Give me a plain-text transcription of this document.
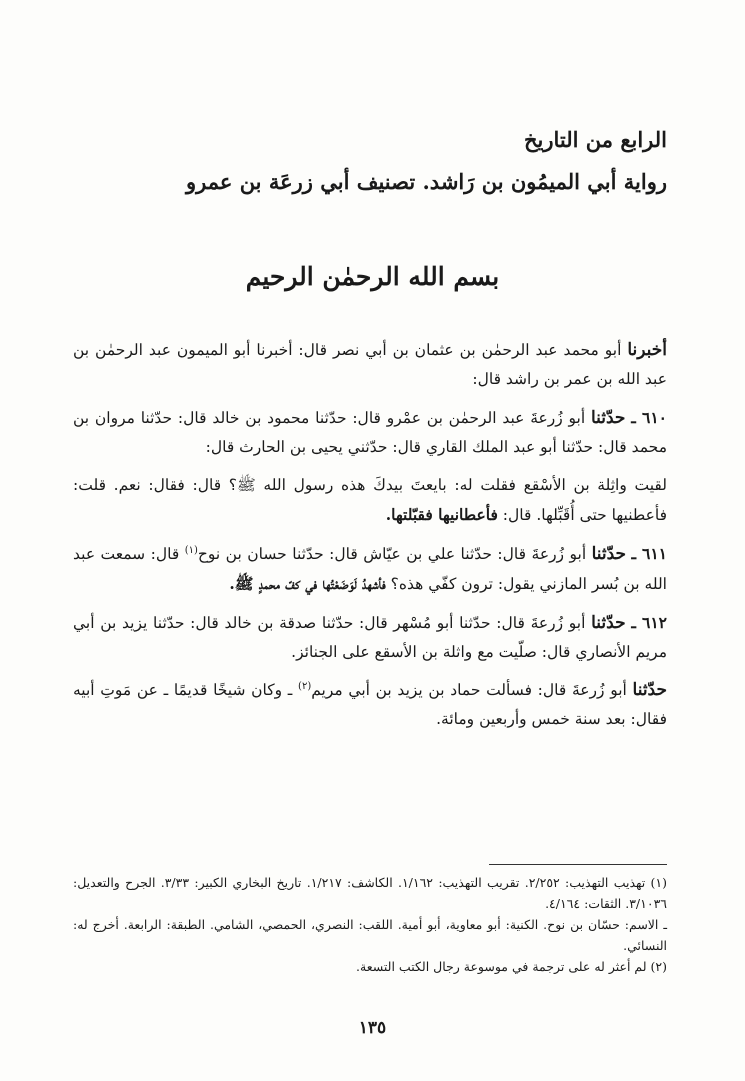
الرابع من التاريخ
رواية أبي الميمُون بن رَاشد. تصنيف أبي زرعَة بن عمرو
بسم الله الرحمٰن الرحيم

أخبرنا أبو محمد عبد الرحمٰن بن عثمان بن أبي نصر قال: أخبرنا أبو الميمون عبد الرحمٰن بن عبد الله بن عمر بن راشد قال:

٦١٠ ـ حدّثنا أبو زُرعةَ عبد الرحمٰن بن عمْرو قال: حدّثنا محمود بن خالد قال: حدّثنا مروان بن محمد قال: حدّثنا أبو عبد الملك القاري قال: حدّثني يحيى بن الحارث قال:

لقيت واثِلة بن الأسْقع فقلت له: بايعتَ بيدكَ هذه رسول الله ﷺ؟ قال: فقال: نعم. قلت: فأعطنيها حتى أُقَبِّلها. قال: فأعطانيها فقبّلتها.

٦١١ ـ حدّثنا أبو زُرعةَ قال: حدّثنا علي بن عيّاش قال: حدّثنا حسان بن نوح$^{(١)}$ قال: سمعت عبد الله بن بُسر المازني يقول: ترون كفّي هذه؟ فأشهدُ لَوَضَعْتُها في كفّ محمدٍ ﷺ.

٦١٢ ـ حدّثنا أبو زُرعةَ قال: حدّثنا أبو مُسْهر قال: حدّثنا صدقة بن خالد قال: حدّثنا يزيد بن أبي مريم الأنصاري قال: صلّيت مع واثلة بن الأسقع على الجنائز.

حدّثنا أبو زُرعةَ قال: فسألت حماد بن يزيد بن أبي مريم$^{(٢)}$ ـ وكان شيخًا قديمًا ـ عن مَوتِ أبيه فقال: بعد سنة خمس وأربعين ومائة.

(١) تهذيب التهذيب: ٢/٢٥٢. تقريب التهذيب: ١/١٦٢. الكاشف: ١/٢١٧. تاريخ البخاري الكبير: ٣/٣٣. الجرح والتعديل: ٣/١٠٣٦. الثقات: ٤/١٦٤.

ـ الاسم: حسّان بن نوح. الكنية: أبو معاوية، أبو أمية. اللقب: النصري، الحمصي، الشامي. الطبقة: الرابعة. أخرج له: النسائي.

(٢) لم أعثر له على ترجمة في موسوعة رجال الكتب التسعة.

١٣٥
